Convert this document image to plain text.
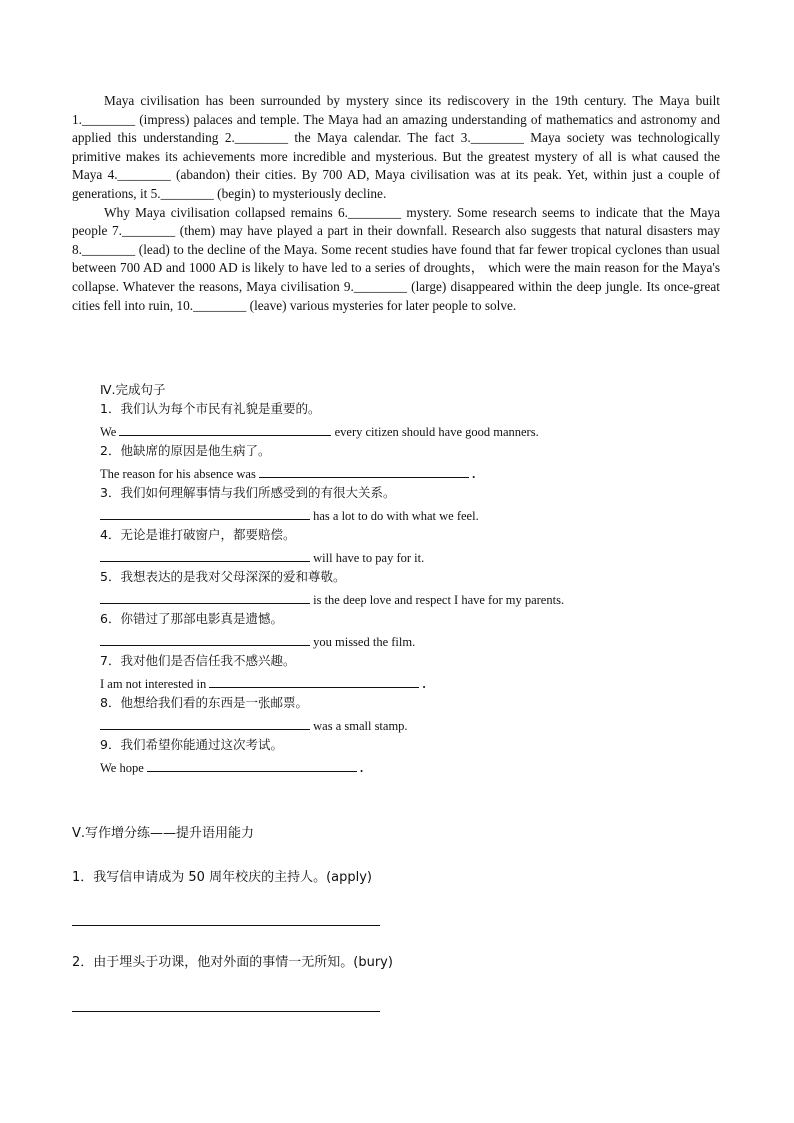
Maya civilisation has been surrounded by mystery since its rediscovery in the 19th century. The Maya built 1.________ (impress) palaces and temple. The Maya had an amazing understanding of mathematics and astronomy and applied this understanding 2.________ the Maya calendar. The fact 3.________ Maya society was technologically primitive makes its achievements more incredible and mysterious. But the greatest mystery of all is what caused the Maya 4.________ (abandon) their cities. By 700 AD, Maya civilisation was at its peak. Yet, within just a couple of generations, it 5.________ (begin) to mysteriously decline.

Why Maya civilisation collapsed remains 6.________ mystery. Some research seems to indicate that the Maya people 7.________ (them) may have played a part in their downfall. Research also suggests that natural disasters may 8.________ (lead) to the decline of the Maya. Some recent studies have found that far fewer tropical cyclones than usual between 700 AD and 1000 AD is likely to have led to a series of droughts， which were the main reason for the Maya's collapse. Whatever the reasons, Maya civilisation 9.________ (large) disappeared within the deep jungle. Its once-great cities fell into ruin, 10.________ (leave) various mysteries for later people to solve.

Ⅳ.完成句子
1．我们认为每个市民有礼貌是重要的。
We	every citizen should have good manners.
2．他缺席的原因是他生病了。
The reason for his absence was	.
3．我们如何理解事情与我们所感受到的有很大关系。
has a lot to do with what we feel.
4．无论是谁打破窗户，都要赔偿。
will have to pay for it.
5．我想表达的是我对父母深深的爱和尊敬。
is the deep love and respect I have for my parents.
6．你错过了那部电影真是遗憾。
you missed the film.
7．我对他们是否信任我不感兴趣。
I am not interested in	.
8．他想给我们看的东西是一张邮票。
was a small stamp.
9．我们希望你能通过这次考试。
We hope	.
Ⅴ.写作增分练——提升语用能力
1．我写信申请成为 50 周年校庆的主持人。(apply)
2．由于埋头于功课，他对外面的事情一无所知。(bury)
